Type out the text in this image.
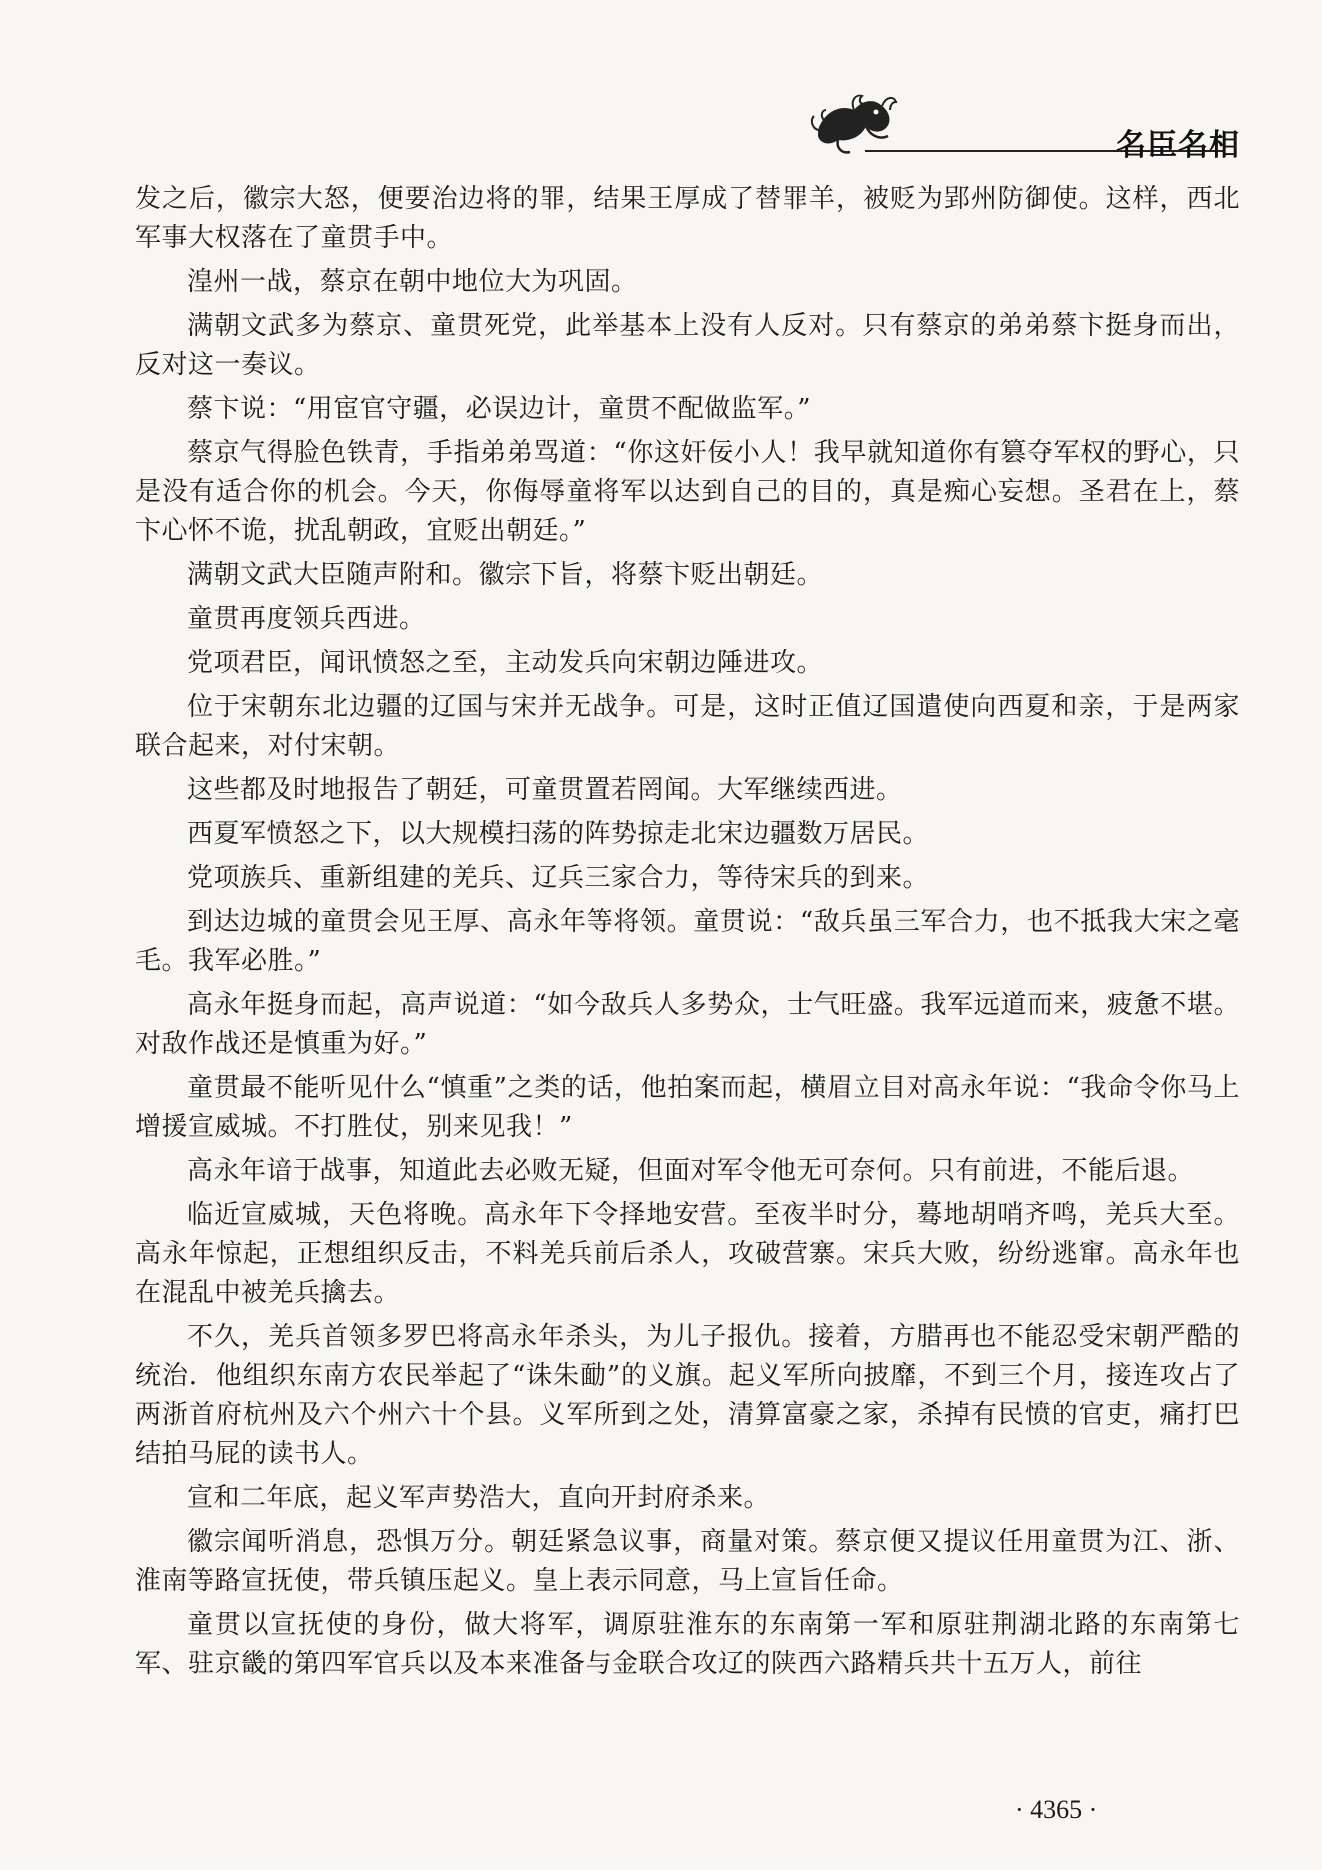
名臣名相

发之后，徽宗大怒，便要治边将的罪，结果王厚成了替罪羊，被贬为郢州防御使。这样，西北军事大权落在了童贯手中。

湟州一战，蔡京在朝中地位大为巩固。

满朝文武多为蔡京、童贯死党，此举基本上没有人反对。只有蔡京的弟弟蔡卞挺身而出，反对这一奏议。

蔡卞说：“用宦官守疆，必误边计，童贯不配做监军。”

蔡京气得脸色铁青，手指弟弟骂道：“你这奸佞小人！我早就知道你有篡夺军权的野心，只是没有适合你的机会。今天，你侮辱童将军以达到自己的目的，真是痴心妄想。圣君在上，蔡卞心怀不诡，扰乱朝政，宜贬出朝廷。”

满朝文武大臣随声附和。徽宗下旨，将蔡卞贬出朝廷。

童贯再度领兵西进。

党项君臣，闻讯愤怒之至，主动发兵向宋朝边陲进攻。

位于宋朝东北边疆的辽国与宋并无战争。可是，这时正值辽国遣使向西夏和亲，于是两家联合起来，对付宋朝。

这些都及时地报告了朝廷，可童贯置若罔闻。大军继续西进。

西夏军愤怒之下，以大规模扫荡的阵势掠走北宋边疆数万居民。

党项族兵、重新组建的羌兵、辽兵三家合力，等待宋兵的到来。

到达边城的童贯会见王厚、高永年等将领。童贯说：“敌兵虽三军合力，也不抵我大宋之毫毛。我军必胜。”

高永年挺身而起，高声说道：“如今敌兵人多势众，士气旺盛。我军远道而来，疲惫不堪。对敌作战还是慎重为好。”

童贯最不能听见什么“慎重”之类的话，他拍案而起，横眉立目对高永年说：“我命令你马上增援宣威城。不打胜仗，别来见我！”

高永年谙于战事，知道此去必败无疑，但面对军令他无可奈何。只有前进，不能后退。

临近宣威城，天色将晚。高永年下令择地安营。至夜半时分，蓦地胡哨齐鸣，羌兵大至。高永年惊起，正想组织反击，不料羌兵前后杀人，攻破营寨。宋兵大败，纷纷逃窜。高永年也在混乱中被羌兵擒去。

不久，羌兵首领多罗巴将高永年杀头，为儿子报仇。接着，方腊再也不能忍受宋朝严酷的统治．他组织东南方农民举起了“诛朱勔”的义旗。起义军所向披靡，不到三个月，接连攻占了两浙首府杭州及六个州六十个县。义军所到之处，清算富豪之家，杀掉有民愤的官吏，痛打巴结拍马屁的读书人。

宣和二年底，起义军声势浩大，直向开封府杀来。

徽宗闻听消息，恐惧万分。朝廷紧急议事，商量对策。蔡京便又提议任用童贯为江、浙、淮南等路宣抚使，带兵镇压起义。皇上表示同意，马上宣旨任命。

童贯以宣抚使的身份，做大将军，调原驻淮东的东南第一军和原驻荆湖北路的东南第七军、驻京畿的第四军官兵以及本来准备与金联合攻辽的陕西六路精兵共十五万人，前往

· 4365 ·
